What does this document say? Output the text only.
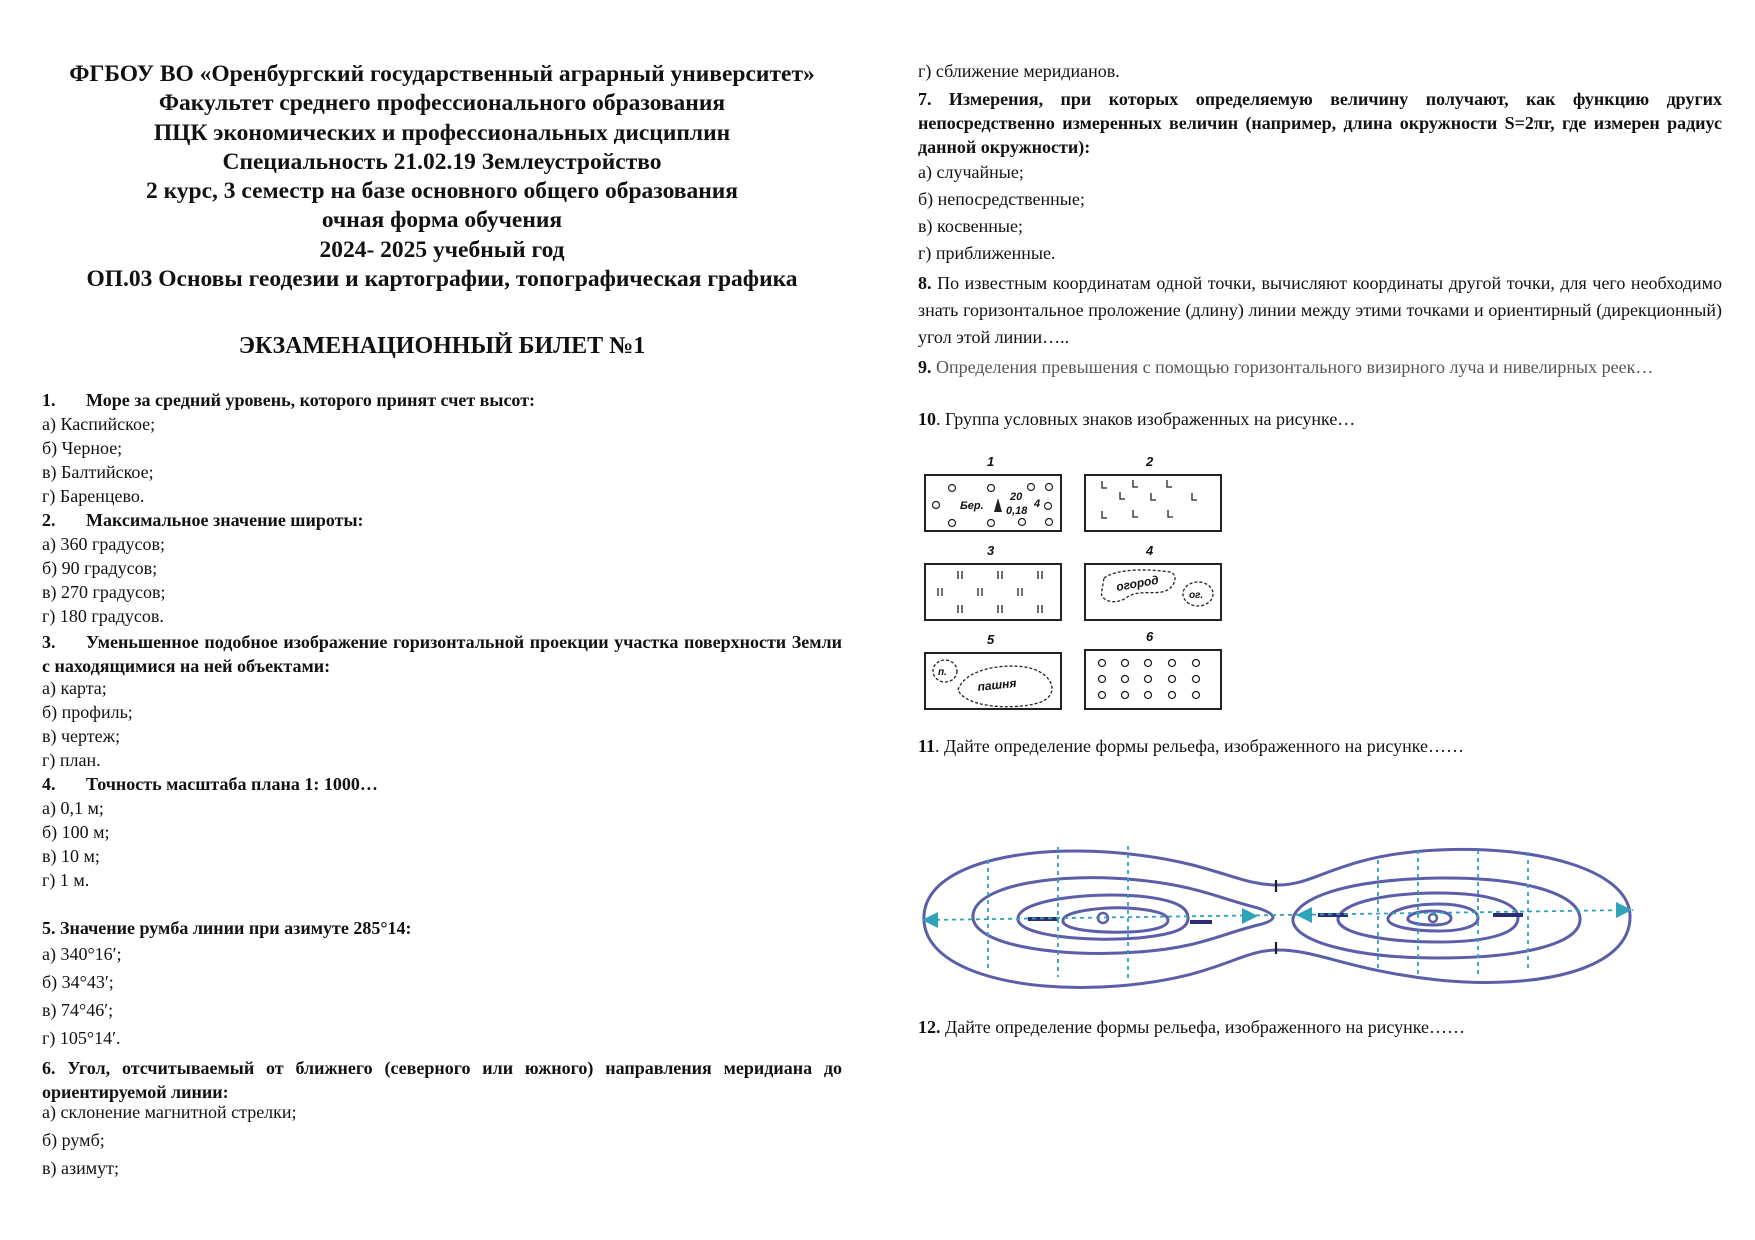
ФГБОУ ВО «Оренбургский государственный аграрный университет»
Факультет среднего профессионального образования
ПЦК экономических и профессиональных дисциплин
Специальность 21.02.19 Землеустройство
2 курс, 3 семестр на базе основного общего образования
очная форма обучения
2024- 2025 учебный год
ОП.03 Основы геодезии и картографии, топографическая графика
ЭКЗАМЕНАЦИОННЫЙ БИЛЕТ №1
1. Море за средний уровень, которого принят счет высот:
а) Каспийское;
б) Черное;
в) Балтийское;
г) Баренцево.
2. Максимальное значение широты:
а) 360 градусов;
б) 90 градусов;
в) 270 градусов;
г) 180 градусов.
3. Уменьшенное подобное изображение горизонтальной проекции участка поверхности Земли с находящимися на ней объектами:
а) карта;
б) профиль;
в) чертеж;
г) план.
4. Точность масштаба плана 1: 1000…
а) 0,1 м;
б) 100 м;
в) 10 м;
г) 1 м.
5. Значение румба линии при азимуте 285°14:
а) 340°16′;
б) 34°43′;
в) 74°46′;
г) 105°14′.
6. Угол, отсчитываемый от ближнего (северного или южного) направления меридиана до ориентируемой линии:
а) склонение магнитной стрелки;
б) румб;
в) азимут;
г) сближение меридианов.
7. Измерения, при которых определяемую величину получают, как функцию других непосредственно измеренных величин (например, длина окружности S=2πr, где измерен радиус данной окружности):
а) случайные;
б) непосредственные;
в) косвенные;
г) приближенные.
8. По известным координатам одной точки, вычисляют координаты другой точки, для чего необходимо знать горизонтальное проложение (длину) линии между этими точками и ориентирный (дирекционный) угол этой линии…..
9. Определения превышения с помощью горизонтального визирного луча и нивелирных реек…
10. Группа условных знаков изображенных на рисунке…
1	2
3	4
5	6
Бер.
20
0,18
4
огород
ог.
п.
пашня
11. Дайте определение формы рельефа, изображенного на рисунке……
12. Дайте определение формы рельефа, изображенного на рисунке……
